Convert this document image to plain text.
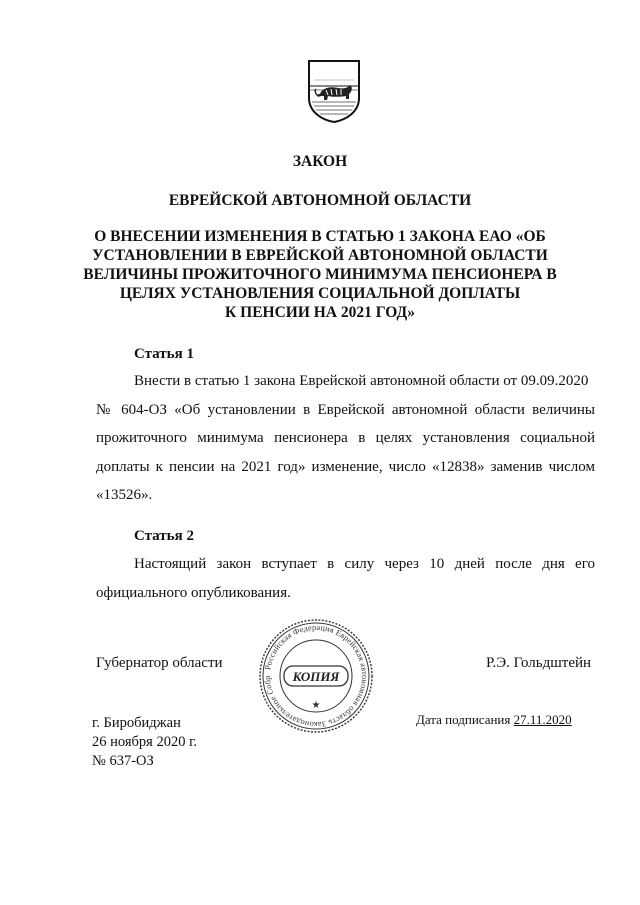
ЗАКОН
ЕВРЕЙСКОЙ АВТОНОМНОЙ ОБЛАСТИ
О ВНЕСЕНИИ ИЗМЕНЕНИЯ В СТАТЬЮ 1 ЗАКОНА ЕАО «ОБ
УСТАНОВЛЕНИИ В ЕВРЕЙСКОЙ АВТОНОМНОЙ ОБЛАСТИ
ВЕЛИЧИНЫ ПРОЖИТОЧНОГО МИНИМУМА ПЕНСИОНЕРА В
ЦЕЛЯХ УСТАНОВЛЕНИЯ СОЦИАЛЬНОЙ ДОПЛАТЫ
К ПЕНСИИ НА 2021 ГОД»
Статья 1
Внести в статью 1 закона Еврейской автономной области от 09.09.2020
№ 604-ОЗ «Об установлении в Еврейской автономной области величины
прожиточного минимума пенсионера в целях установления социальной
доплаты к пенсии на 2021 год» изменение, число «12838» заменив числом
«13526».
Статья 2
Настоящий закон вступает в силу через 10 дней после дня его
официального опубликования.
Губернатор области	Р.Э. Гольдштейн
Российская Федерация Еврейская автономная область Законодательное Собр	КОПИЯ
★
г. Биробиджан
26 ноября 2020 г.
№ 637-ОЗ
Дата подписания 27.11.2020
